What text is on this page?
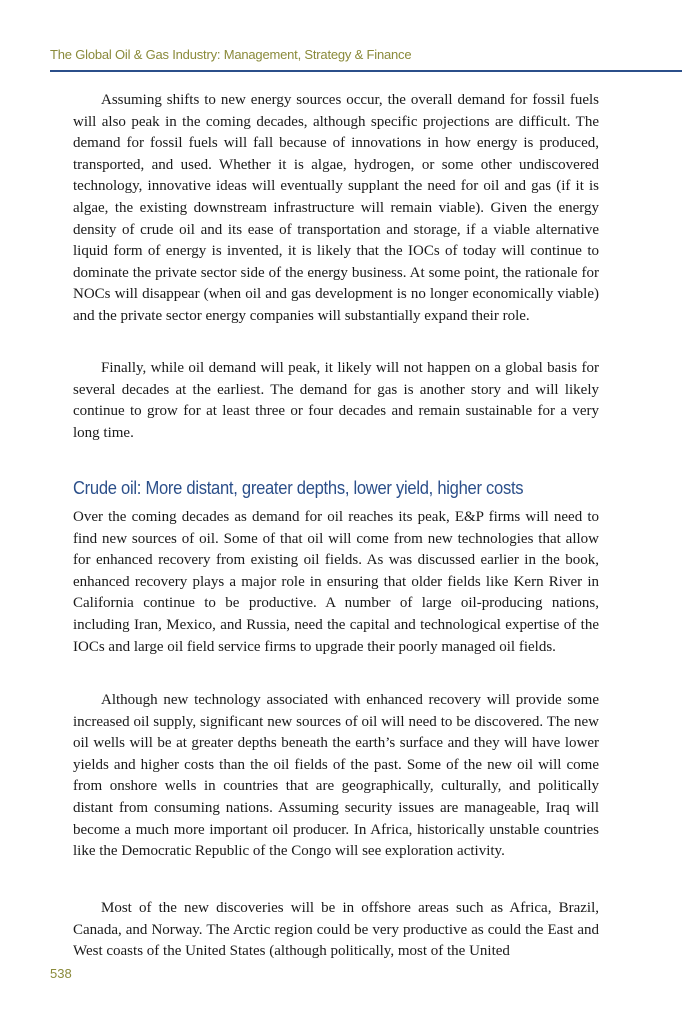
The Global Oil & Gas Industry: Management, Strategy & Finance

Assuming shifts to new energy sources occur, the overall demand for fossil fuels will also peak in the coming decades, although specific projections are difficult. The demand for fossil fuels will fall because of innovations in how energy is produced, transported, and used. Whether it is algae, hydrogen, or some other undiscovered technology, innovative ideas will eventually supplant the need for oil and gas (if it is algae, the existing downstream infrastructure will remain viable). Given the energy density of crude oil and its ease of transportation and storage, if a viable alternative liquid form of energy is invented, it is likely that the IOCs of today will continue to dominate the private sector side of the energy business. At some point, the rationale for NOCs will disappear (when oil and gas development is no longer economically viable) and the private sector energy companies will substantially expand their role.

Finally, while oil demand will peak, it likely will not happen on a global basis for several decades at the earliest. The demand for gas is another story and will likely continue to grow for at least three or four decades and remain sustainable for a very long time.

Crude oil: More distant, greater depths, lower yield, higher costs

Over the coming decades as demand for oil reaches its peak, E&P firms will need to find new sources of oil. Some of that oil will come from new technologies that allow for enhanced recovery from existing oil fields. As was discussed earlier in the book, enhanced recovery plays a major role in ensuring that older fields like Kern River in California continue to be productive. A number of large oil-producing nations, including Iran, Mexico, and Russia, need the capital and technological expertise of the IOCs and large oil field service firms to upgrade their poorly managed oil fields.

Although new technology associated with enhanced recovery will provide some increased oil supply, significant new sources of oil will need to be discovered. The new oil wells will be at greater depths beneath the earth’s surface and they will have lower yields and higher costs than the oil fields of the past. Some of the new oil will come from onshore wells in countries that are geographically, culturally, and politically distant from consuming nations. Assuming security issues are manageable, Iraq will become a much more important oil producer. In Africa, historically unstable countries like the Democratic Republic of the Congo will see exploration activity.

Most of the new discoveries will be in offshore areas such as Africa, Brazil, Canada, and Norway. The Arctic region could be very productive as could the East and West coasts of the United States (although politically, most of the United

538
